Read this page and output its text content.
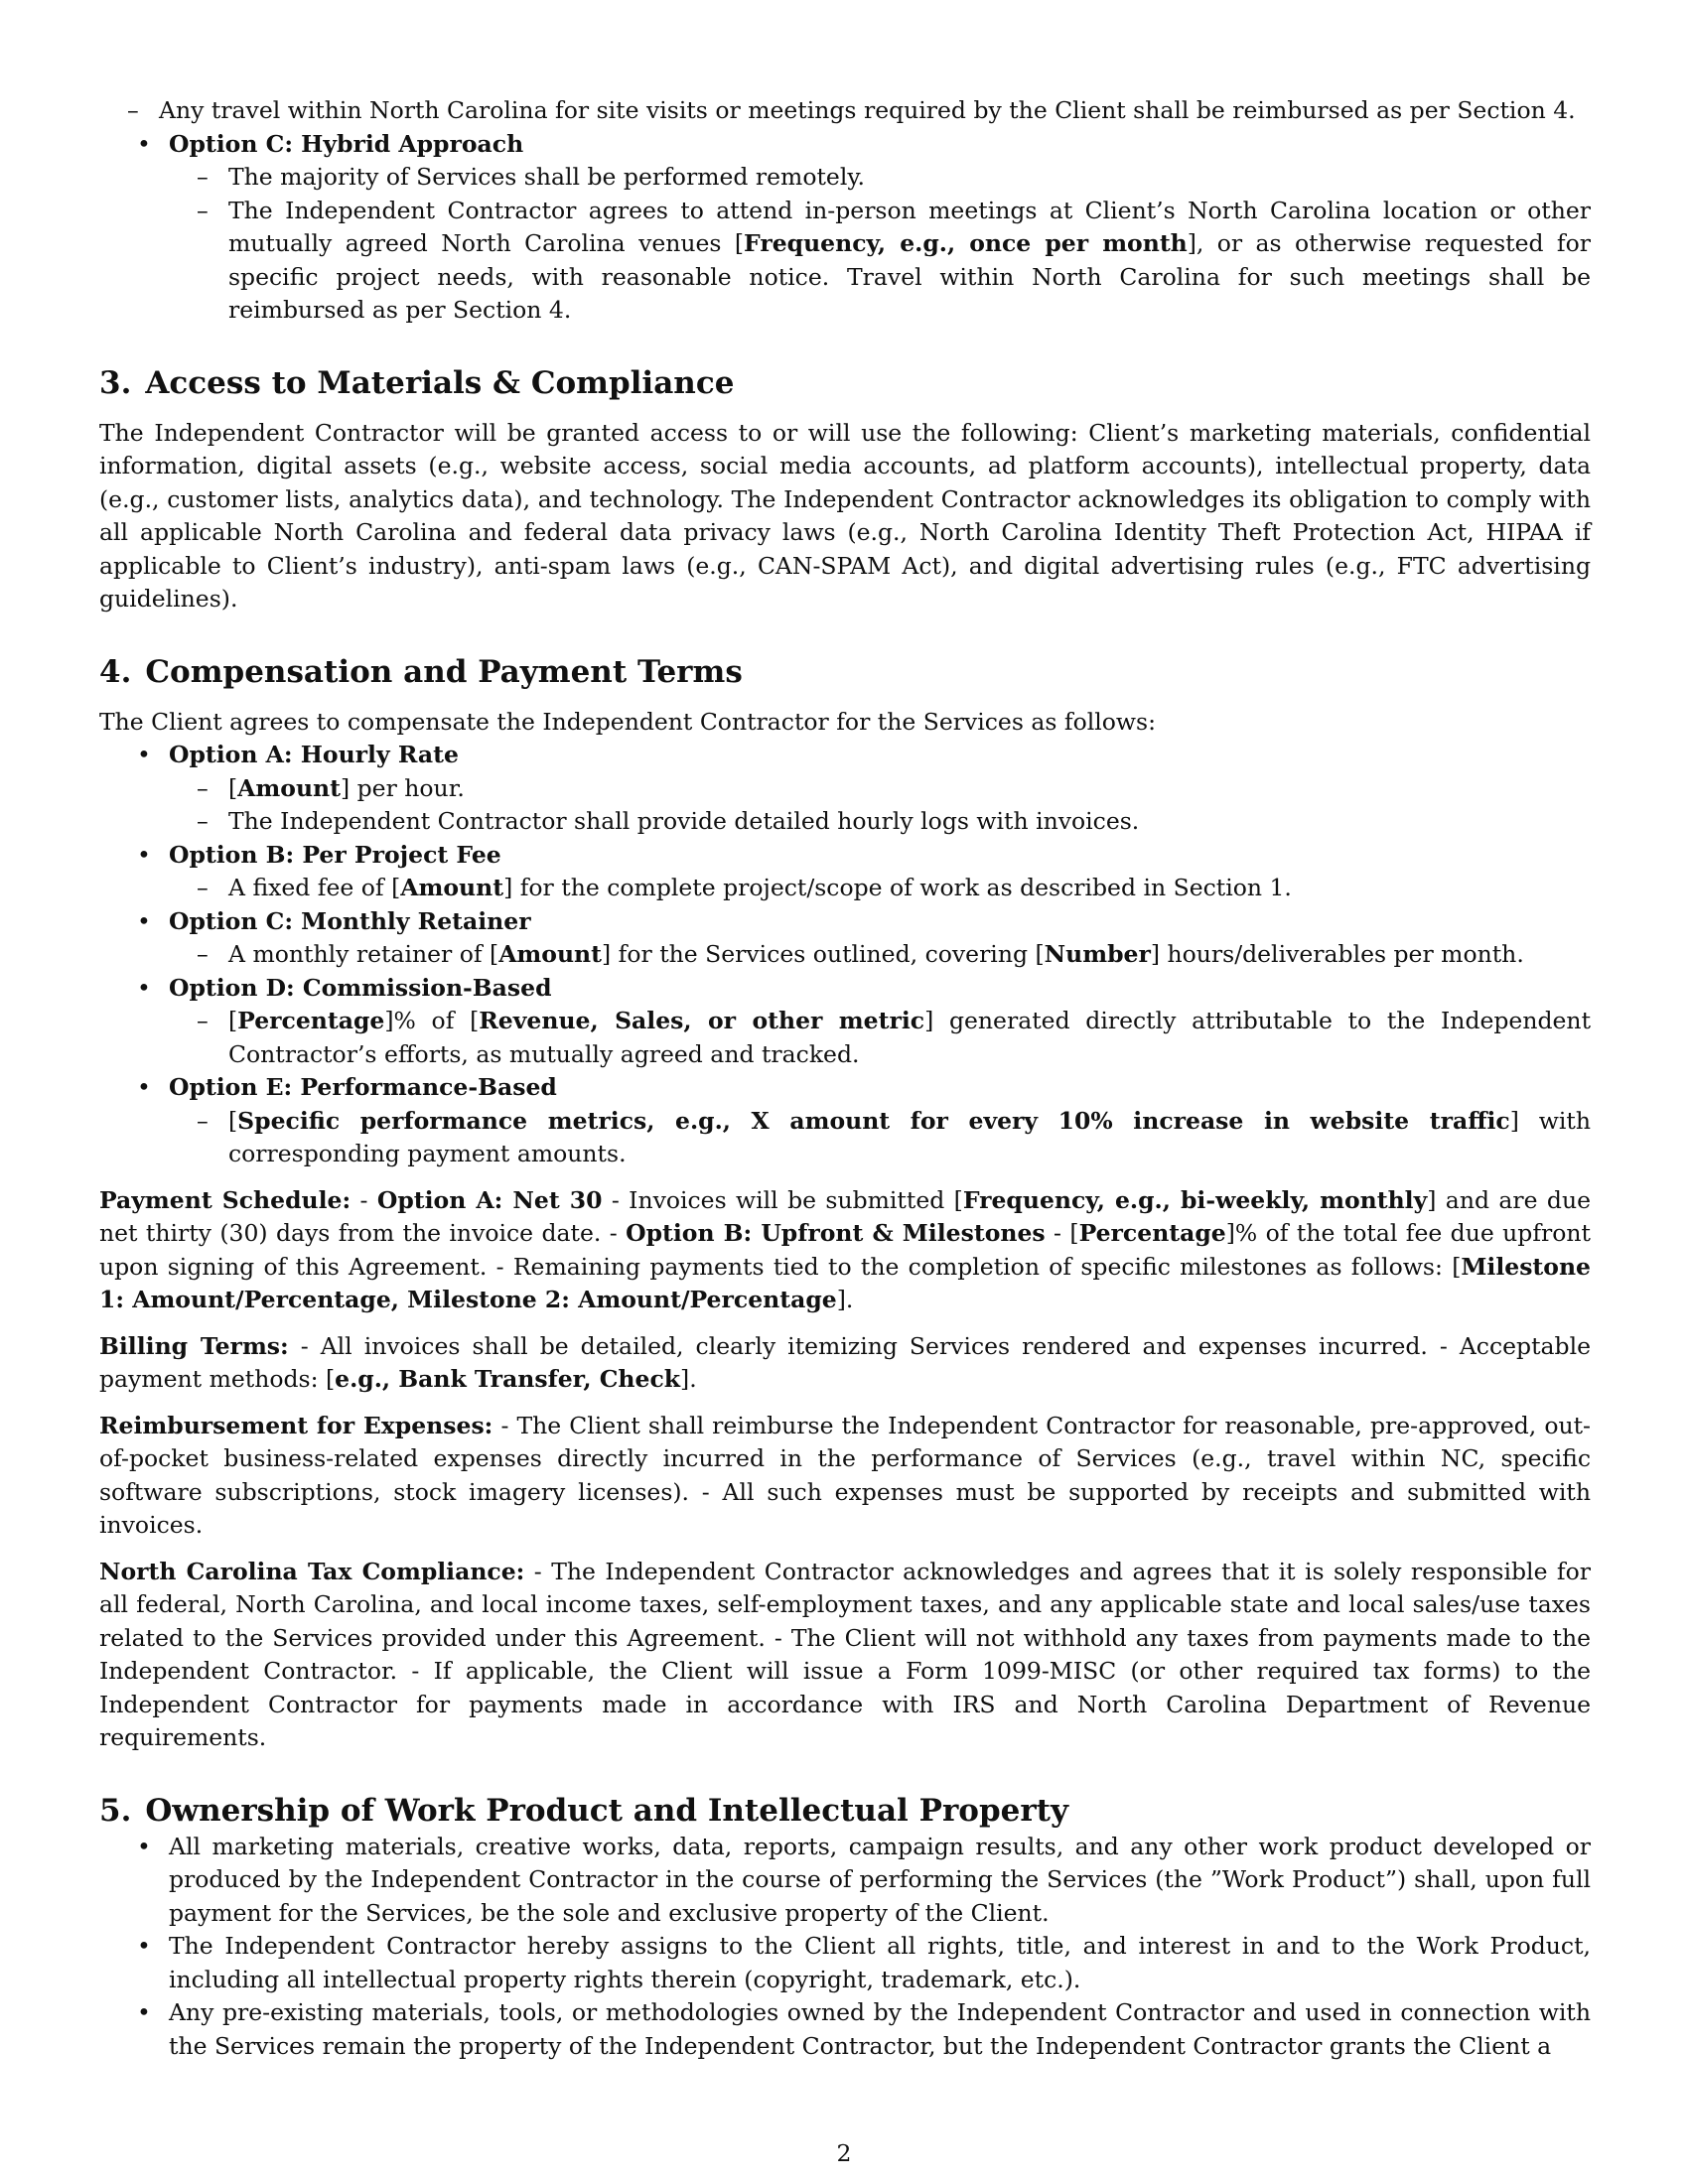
– Any travel within North Carolina for site visits or meetings required by the Client shall be reimbursed as per Section 4.
• Option C: Hybrid Approach
– The majority of Services shall be performed remotely.
– The Independent Contractor agrees to attend in-person meetings at Client’s North Carolina location or other mutually agreed North Carolina venues [Frequency, e.g., once per month], or as otherwise requested for specific project needs, with reasonable notice. Travel within North Carolina for such meetings shall be reimbursed as per Section 4.
3. Access to Materials & Compliance

The Independent Contractor will be granted access to or will use the following: Client’s marketing materials, confidential information, digital assets (e.g., website access, social media accounts, ad platform accounts), intellectual property, data (e.g., customer lists, analytics data), and technology. The Independent Contractor acknowledges its obligation to comply with all applicable North Carolina and federal data privacy laws (e.g., North Carolina Identity Theft Protection Act, HIPAA if applicable to Client’s industry), anti-spam laws (e.g., CAN-SPAM Act), and digital advertising rules (e.g., FTC advertising guidelines).

4. Compensation and Payment Terms

The Client agrees to compensate the Independent Contractor for the Services as follows:

• Option A: Hourly Rate
– [Amount] per hour.
– The Independent Contractor shall provide detailed hourly logs with invoices.
• Option B: Per Project Fee
– A fixed fee of [Amount] for the complete project/scope of work as described in Section 1.
• Option C: Monthly Retainer
– A monthly retainer of [Amount] for the Services outlined, covering [Number] hours/deliverables per month.
• Option D: Commission-Based
– [Percentage]% of [Revenue, Sales, or other metric] generated directly attributable to the Independent Contractor’s efforts, as mutually agreed and tracked.
• Option E: Performance-Based
– [Specific performance metrics, e.g., X amount for every 10% increase in website traffic] with corresponding payment amounts.

Payment Schedule: - Option A: Net 30 - Invoices will be submitted [Frequency, e.g., bi-weekly, monthly] and are due net thirty (30) days from the invoice date. - Option B: Upfront & Milestones - [Percentage]% of the total fee due upfront upon signing of this Agreement. - Remaining payments tied to the completion of specific milestones as follows: [Milestone 1: Amount/Percentage, Milestone 2: Amount/Percentage].

Billing Terms: - All invoices shall be detailed, clearly itemizing Services rendered and expenses incurred. - Acceptable payment methods: [e.g., Bank Transfer, Check].

Reimbursement for Expenses: - The Client shall reimburse the Independent Contractor for reasonable, pre-approved, out-of-pocket business-related expenses directly incurred in the performance of Services (e.g., travel within NC, specific software subscriptions, stock imagery licenses). - All such expenses must be supported by receipts and submitted with invoices.

North Carolina Tax Compliance: - The Independent Contractor acknowledges and agrees that it is solely responsible for all federal, North Carolina, and local income taxes, self-employment taxes, and any applicable state and local sales/use taxes related to the Services provided under this Agreement. - The Client will not withhold any taxes from payments made to the Independent Contractor. - If applicable, the Client will issue a Form 1099-MISC (or other required tax forms) to the Independent Contractor for payments made in accordance with IRS and North Carolina Department of Revenue requirements.

5. Ownership of Work Product and Intellectual Property
• All marketing materials, creative works, data, reports, campaign results, and any other work product developed or produced by the Independent Contractor in the course of performing the Services (the ”Work Product”) shall, upon full payment for the Services, be the sole and exclusive property of the Client.
• The Independent Contractor hereby assigns to the Client all rights, title, and interest in and to the Work Product, including all intellectual property rights therein (copyright, trademark, etc.).
• Any pre-existing materials, tools, or methodologies owned by the Independent Contractor and used in connection with the Services remain the property of the Independent Contractor, but the Independent Contractor grants the Client a
2
